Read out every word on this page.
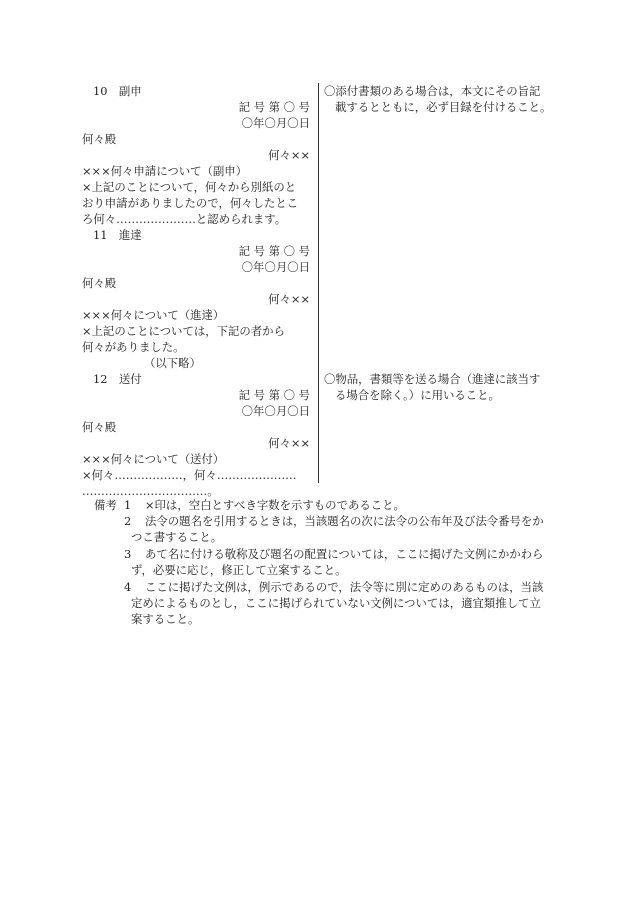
10　副申
記 号 第 〇 号
〇年〇月〇日
何々殿
何々××
×××何々申請について（副申）
×上記のことについて，何々から別紙のと
おり申請がありましたので，何々したとこ
ろ何々…………………と認められます。
11　進達
記 号 第 〇 号
〇年〇月〇日
何々殿
何々××
×××何々について（進達）
×上記のことについては，下記の者から
何々がありました。
（以下略）
12　送付
記 号 第 〇 号
〇年〇月〇日
何々殿
何々××
×××何々について（送付）
×何々………………，何々…………………
……………………………。
〇添付書類のある場合は，本文にその旨記
載するとともに，必ず目録を付けること。
〇物品，書類等を送る場合（進達に該当す
る場合を除く。）に用いること。
備考 1 ×印は，空白とすべき字数を示すものであること。
2 法令の題名を引用するときは，当該題名の次に法令の公布年及び法令番号をか
つこ書すること。
3 あて名に付ける敬称及び題名の配置については，ここに掲げた文例にかかわら
ず，必要に応じ，修正して立案すること。
4 ここに掲げた文例は，例示であるので，法令等に別に定めのあるものは，当該
定めによるものとし，ここに掲げられていない文例については，適宜類推して立
案すること。
